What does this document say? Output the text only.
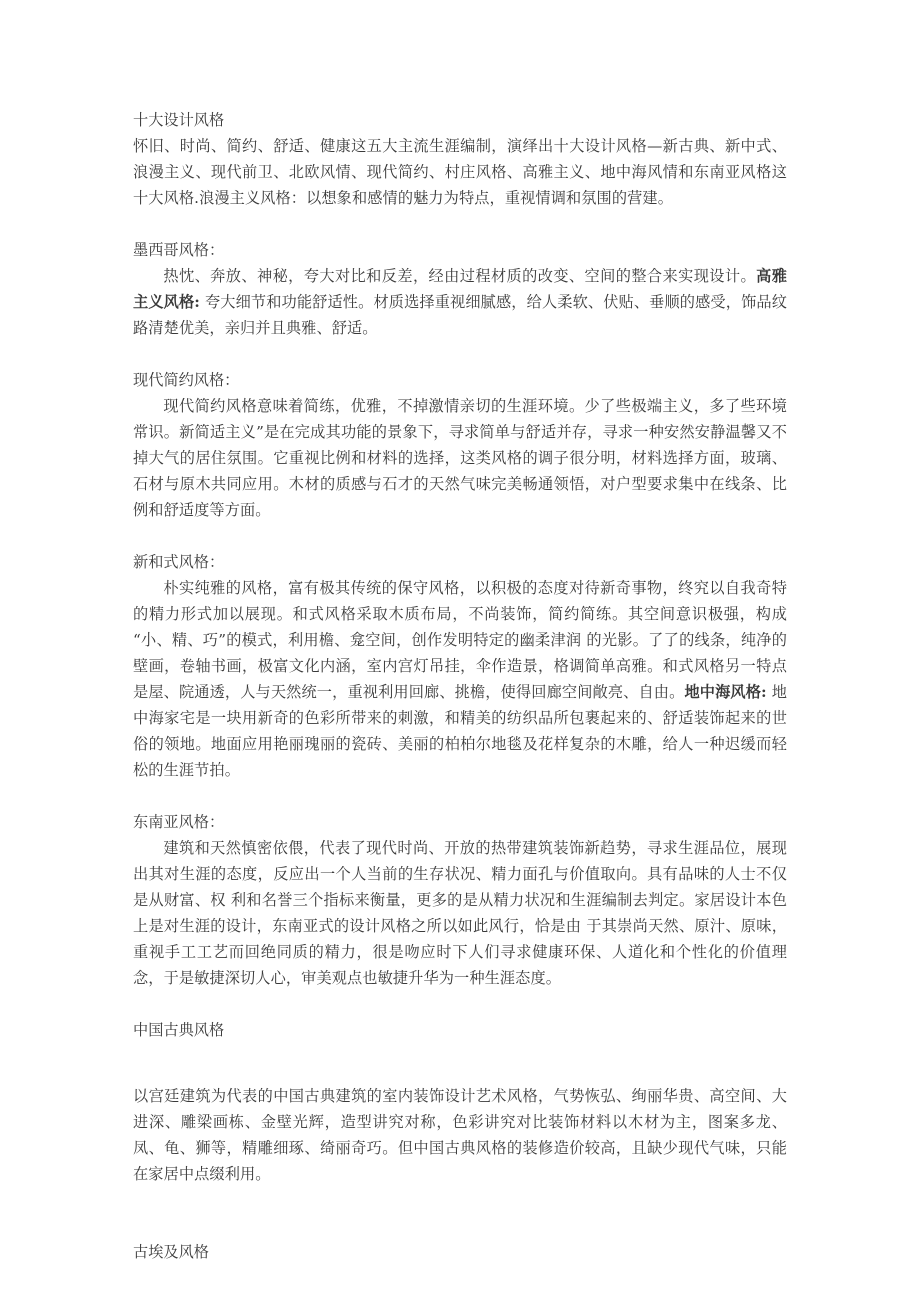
十大设计风格

怀旧、时尚、简约、舒适、健康这五大主流生涯编制，演绎出十大设计风格—新古典、新中式、浪漫主义、现代前卫、北欧风情、现代简约、村庄风格、高雅主义、地中海风情和东南亚风格这十大风格.浪漫主义风格：以想象和感情的魅力为特点，重视情调和氛围的营建。

墨西哥风格：

热忱、奔放、神秘，夸大对比和反差，经由过程材质的改变、空间的整合来实现设计。高雅主义风格: 夸大细节和功能舒适性。材质选择重视细腻感，给人柔软、伏贴、垂顺的感受，饰品纹路清楚优美，亲归并且典雅、舒适。

现代简约风格：

现代简约风格意味着简练，优雅，不掉激情亲切的生涯环境。少了些极端主义，多了些环境常识。新简适主义”是在完成其功能的景象下，寻求简单与舒适并存，寻求一种安然安静温馨又不掉大气的居住氛围。它重视比例和材料的选择，这类风格的调子很分明，材料选择方面，玻璃、石材与原木共同应用。木材的质感与石才的天然气味完美畅通领悟，对户型要求集中在线条、比例和舒适度等方面。

新和式风格：

朴实纯雅的风格，富有极其传统的保守风格，以积极的态度对待新奇事物，终究以自我奇特的精力形式加以展现。和式风格采取木质布局，不尚装饰，简约简练。其空间意识极强，构成“小、精、巧”的模式，利用檐、龛空间，创作发明特定的幽柔津润 的光影。了了的线条，纯净的壁画，卷轴书画，极富文化内涵，室内宫灯吊挂，伞作造景，格调简单高雅。和式风格另一特点是屋、院通透，人与天然统一，重视利用回廊、挑檐，使得回廊空间敞亮、自由。地中海风格: 地中海家宅是一块用新奇的色彩所带来的刺激，和精美的纺织品所包裹起来的、舒适装饰起来的世俗的领地。地面应用艳丽瑰丽的瓷砖、美丽的柏柏尔地毯及花样复杂的木雕，给人一种迟缓而轻松的生涯节拍。

东南亚风格：

建筑和天然慎密依偎，代表了现代时尚、开放的热带建筑装饰新趋势，寻求生涯品位，展现出其对生涯的态度，反应出一个人当前的生存状况、精力面孔与价值取向。具有品味的人士不仅是从财富、权 利和名誉三个指标来衡量，更多的是从精力状况和生涯编制去判定。家居设计本色上是对生涯的设计，东南亚式的设计风格之所以如此风行，恰是由 于其崇尚天然、原汁、原味，重视手工工艺而回绝同质的精力，很是吻应时下人们寻求健康环保、人道化和个性化的价值理念，于是敏捷深切人心，审美观点也敏捷升华为一种生涯态度。

中国古典风格

以宫廷建筑为代表的中国古典建筑的室内装饰设计艺术风格，气势恢弘、绚丽华贵、高空间、大进深、雕梁画栋、金壁光辉，造型讲究对称，色彩讲究对比装饰材料以木材为主，图案多龙、凤、龟、狮等，精雕细琢、绮丽奇巧。但中国古典风格的装修造价较高，且缺少现代气味，只能在家居中点缀利用。

古埃及风格
